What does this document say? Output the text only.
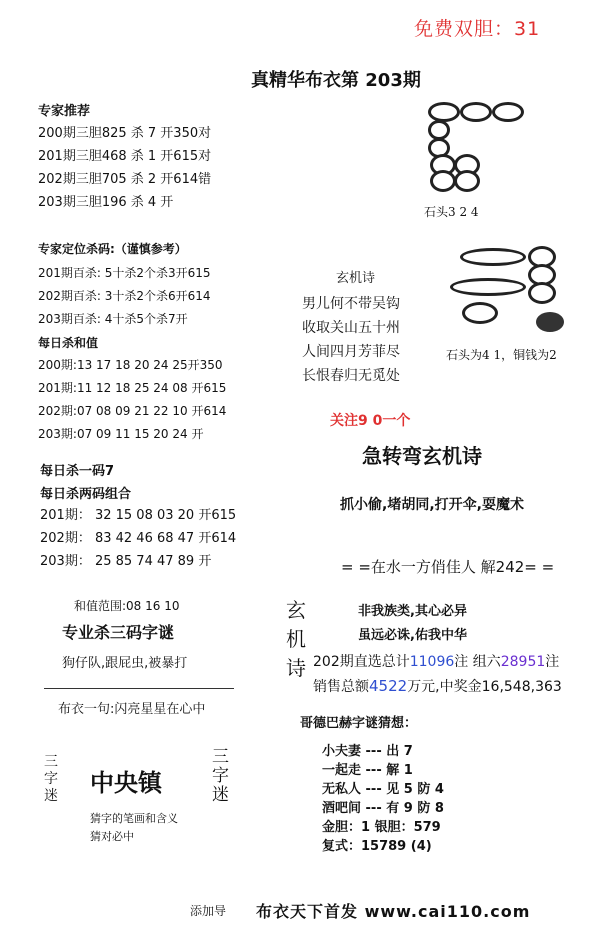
免费双胆：31
真精华布衣第 203期
专家推荐
200期三胆825 杀 7 开350对
201期三胆468 杀 1 开615对
202期三胆705 杀 2 开614错
203期三胆196 杀 4 开
专家定位杀码:（谨慎参考）
201期百杀: 5十杀2个杀3开615
202期百杀: 3十杀2个杀6开614
203期百杀: 4十杀5个杀7开
每日杀和值
200期:13 17 18 20 24 25开350
201期:11 12 18 25 24 08 开615
202期:07 08 09 21 22 10 开614
203期:07 09 11 15 20 24 开
每日杀一码7
每日杀两码组合
201期： 32 15 08 03 20 开615
202期： 83 42 46 68 47 开614
203期： 25 85 74 47 89 开
石头3 2 4
玄机诗
男儿何不带吴钩
收取关山五十州
人间四月芳菲尽
长恨春归无觅处
石头为4 1，铜钱为2
关注9 0一个
急转弯玄机诗
抓小偷,堵胡同,打开伞,耍魔术
= =在水一方俏佳人 解242= =
玄
机
诗
非我族类,其心必异
虽远必诛,佑我中华
202期直选总计11096注 组六28951注
销售总额4522万元,中奖金16,548,363
和值范围:08 16 10
专业杀三码字谜
狗仔队,跟屁虫,被暴打
布衣一句:闪亮星星在心中
三
字
迷 中央镇
三
字
迷
猜字的笔画和含义
猜对必中
哥德巴赫字谜猜想：
小夫妻 --- 出 7
一起走 --- 解 1
无私人 --- 见 5 防 4
酒吧间 --- 有 9 防 8
金胆：1 银胆：579
复式：15789 (4)
添加导 布衣天下首发 www.cai110.com
